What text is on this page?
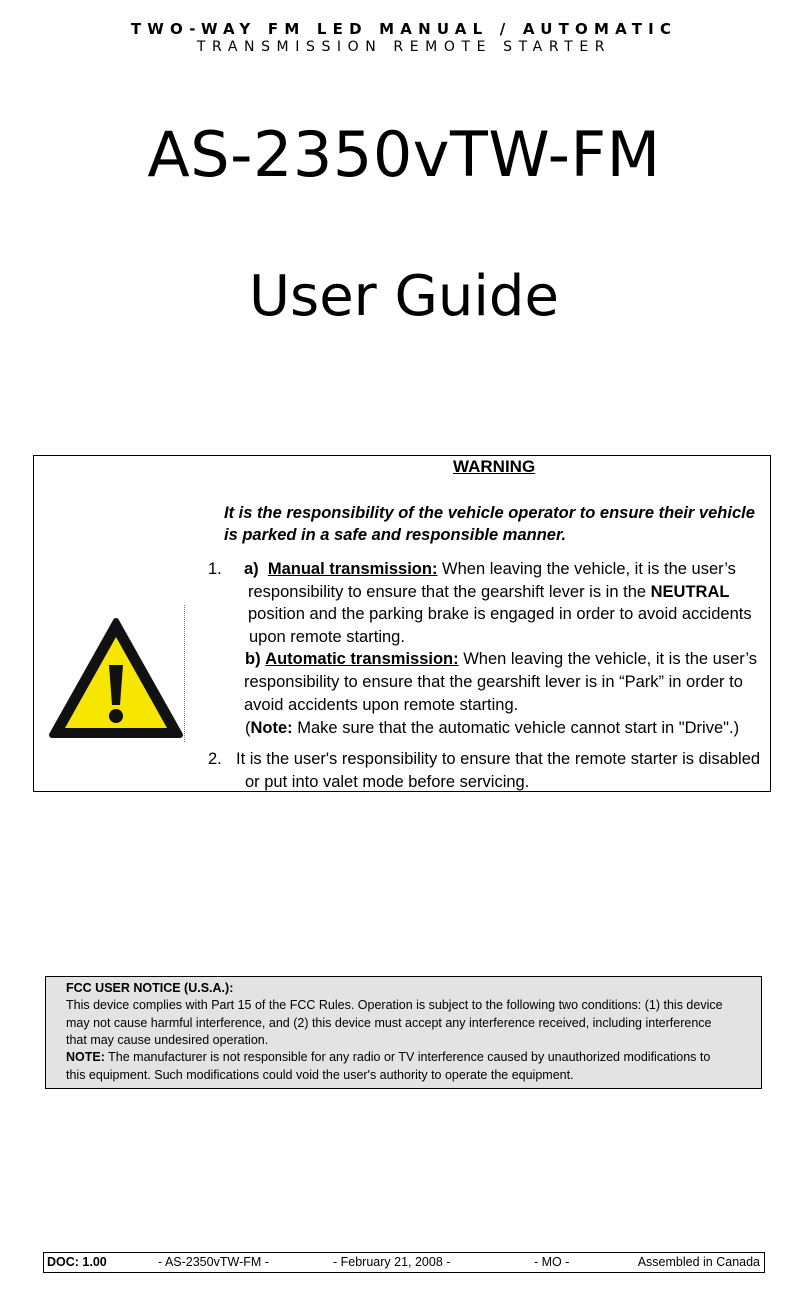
TWO-WAY FM LED MANUAL / AUTOMATIC
TRANSMISSION REMOTE STARTER
AS-2350vTW-FM
User Guide
WARNING
It is the responsibility of the vehicle operator to ensure their vehicle is parked in a safe and responsible manner.
1. a) Manual transmission: When leaving the vehicle, it is the user’s
responsibility to ensure that the gearshift lever is in the NEUTRAL
position and the parking brake is engaged in order to avoid accidents
upon remote starting.
b) Automatic transmission: When leaving the vehicle, it is the user’s
responsibility to ensure that the gearshift lever is in “Park” in order to
avoid accidents upon remote starting.
(Note: Make sure that the automatic vehicle cannot start in "Drive".)
2. It is the user's responsibility to ensure that the remote starter is disabled
or put into valet mode before servicing.
FCC USER NOTICE (U.S.A.):
This device complies with Part 15 of the FCC Rules. Operation is subject to the following two conditions: (1) this device
may not cause harmful interference, and (2) this device must accept any interference received, including interference
that may cause undesired operation.
NOTE: The manufacturer is not responsible for any radio or TV interference caused by unauthorized modifications to
this equipment. Such modifications could void the user's authority to operate the equipment.
DOC: 1.00	- AS-2350vTW-FM -	- February 21, 2008 -	- MO -	Assembled in Canada
